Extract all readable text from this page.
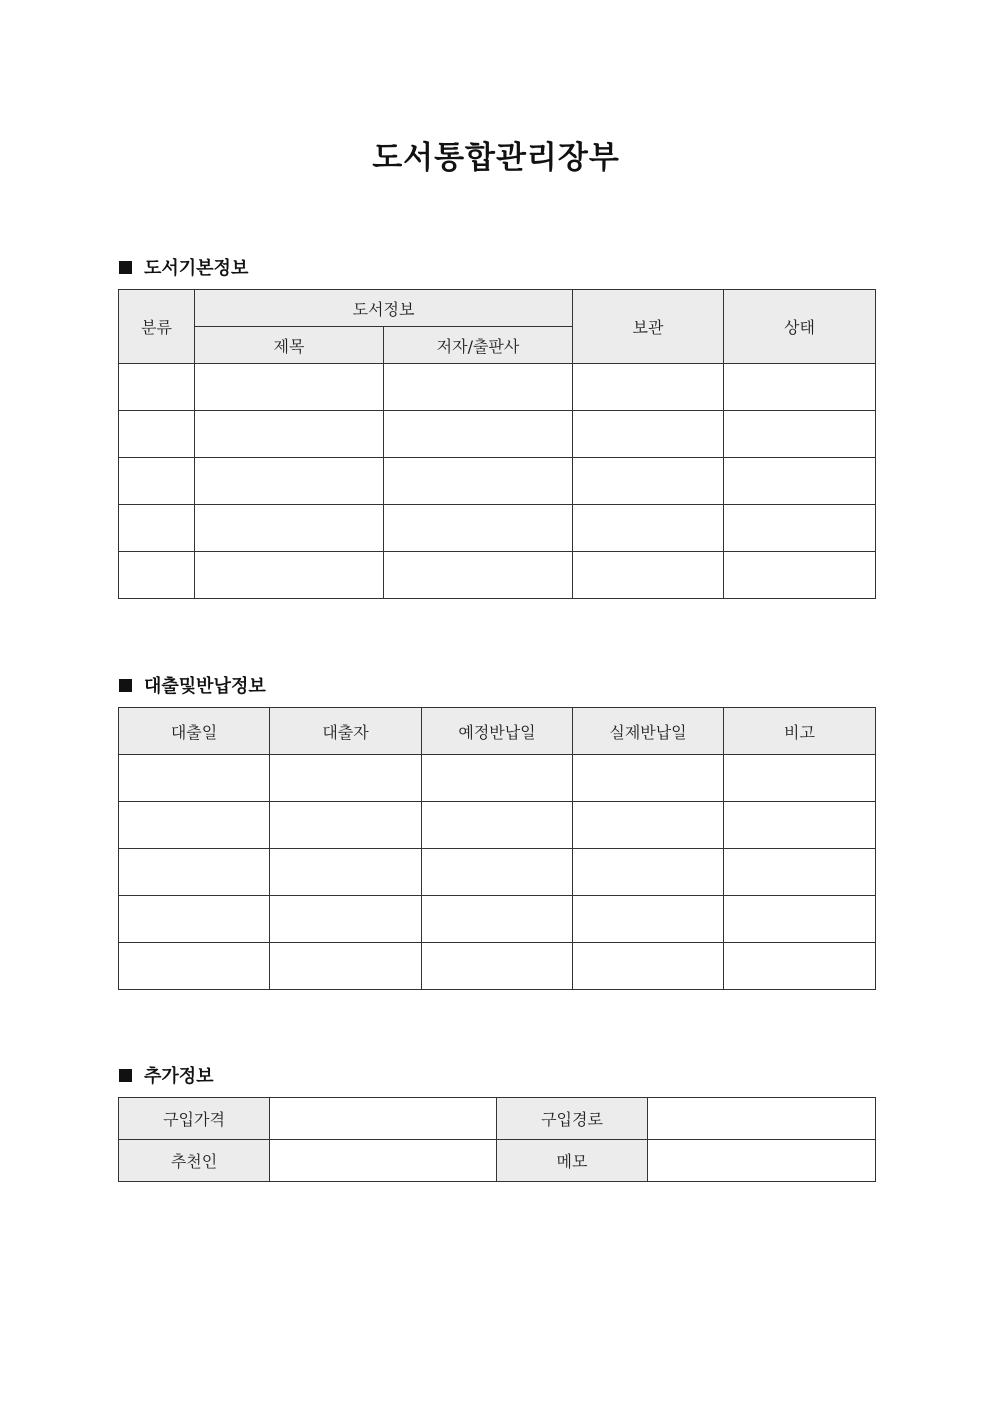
도서통합관리장부
도서기본정보
분류	도서정보		보관	상태
	제목	저자/출판사		

대출및반납정보
대출일	대출자	예정반납일	실제반납일	비고

추가정보
구입가격		구입경로	
추천인		메모	
